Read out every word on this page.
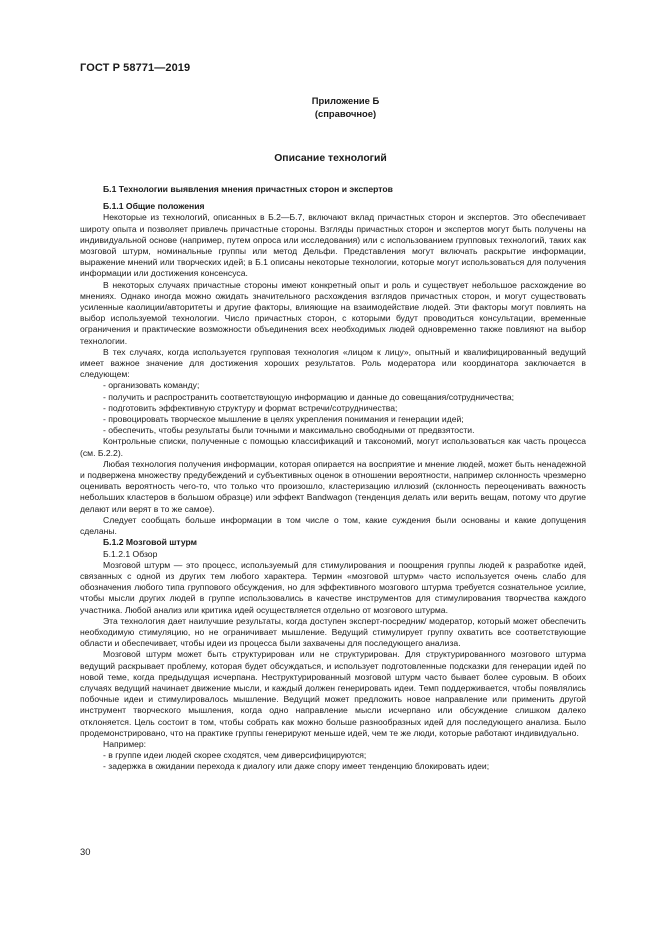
ГОСТ Р 58771—2019
Приложение Б
(справочное)
Описание технологий

Б.1 Технологии выявления мнения причастных сторон и экспертов

Б.1.1 Общие положения

Некоторые из технологий, описанных в Б.2—Б.7, включают вклад причастных сторон и экспертов. Это обеспечивает широту опыта и позволяет привлечь причастные стороны. Взгляды причастных сторон и экспертов могут быть получены на индивидуальной основе (например, путем опроса или исследования) или с использованием групповых технологий, таких как мозговой штурм, номинальные группы или метод Дельфи. Представления могут включать раскрытие информации, выражение мнений или творческих идей; в Б.1 описаны некоторые технологии, которые могут использоваться для получения информации или достижения консенсуса.

В некоторых случаях причастные стороны имеют конкретный опыт и роль и существует небольшое расхождение во мнениях. Однако иногда можно ожидать значительного расхождения взглядов причастных сторон, и могут существовать усиленные каолиции/авторитеты и другие факторы, влияющие на взаимодействие людей. Эти факторы могут повлиять на выбор используемой технологии. Число причастных сторон, с которыми будут проводиться консультации, временные ограничения и практические возможности объединения всех необходимых людей одновременно также повлияют на выбор технологии.

В тех случаях, когда используется групповая технология «лицом к лицу», опытный и квалифицированный ведущий имеет важное значение для достижения хороших результатов. Роль модератора или координатора заключается в следующем:

- организовать команду;

- получить и распространить соответствующую информацию и данные до совещания/сотрудничества;

- подготовить эффективную структуру и формат встречи/сотрудничества;

- провоцировать творческое мышление в целях укрепления понимания и генерации идей;

- обеспечить, чтобы результаты были точными и максимально свободными от предвзятости.

Контрольные списки, полученные с помощью классификаций и таксономий, могут использоваться как часть процесса (см. Б.2.2).

Любая технология получения информации, которая опирается на восприятие и мнение людей, может быть ненадежной и подвержена множеству предубеждений и субъективных оценок в отношении вероятности, например склонность чрезмерно оценивать вероятность чего-то, что только что произошло, кластеризацию иллюзий (склонность переоценивать важность небольших кластеров в большом образце) или эффект Bandwagon (тенденция делать или верить вещам, потому что другие делают или верят в то же самое).

Следует сообщать больше информации в том числе о том, какие суждения были основаны и какие допущения сделаны.

Б.1.2 Мозговой штурм

Б.1.2.1 Обзор

Мозговой штурм — это процесс, используемый для стимулирования и поощрения группы людей к разработке идей, связанных с одной из других тем любого характера. Термин «мозговой штурм» часто используется очень слабо для обозначения любого типа группового обсуждения, но для эффективного мозгового штурма требуется сознательное усилие, чтобы мысли других людей в группе использовались в качестве инструментов для стимулирования творчества каждого участника. Любой анализ или критика идей осуществляется отдельно от мозгового штурма.

Эта технология дает наилучшие результаты, когда доступен эксперт-посредник/ модератор, который может обеспечить необходимую стимуляцию, но не ограничивает мышление. Ведущий стимулирует группу охватить все соответствующие области и обеспечивает, чтобы идеи из процесса были захвачены для последующего анализа.

Мозговой штурм может быть структурирован или не структурирован. Для структурированного мозгового штурма ведущий раскрывает проблему, которая будет обсуждаться, и использует подготовленные подсказки для генерации идей по новой теме, когда предыдущая исчерпана. Неструктурированный мозговой штурм часто бывает более суровым. В обоих случаях ведущий начинает движение мысли, и каждый должен генерировать идеи. Темп поддерживается, чтобы появлялись побочные идеи и стимулировалось мышление. Ведущий может предложить новое направление или применить другой инструмент творческого мышления, когда одно направление мысли исчерпано или обсуждение слишком далеко отклоняется. Цель состоит в том, чтобы собрать как можно больше разнообразных идей для последующего анализа. Было продемонстрировано, что на практике группы генерируют меньше идей, чем те же люди, которые работают индивидуально.

Например:

- в группе идеи людей скорее сходятся, чем диверсифицируются;

- задержка в ожидании перехода к диалогу или даже спору имеет тенденцию блокировать идеи;

30
